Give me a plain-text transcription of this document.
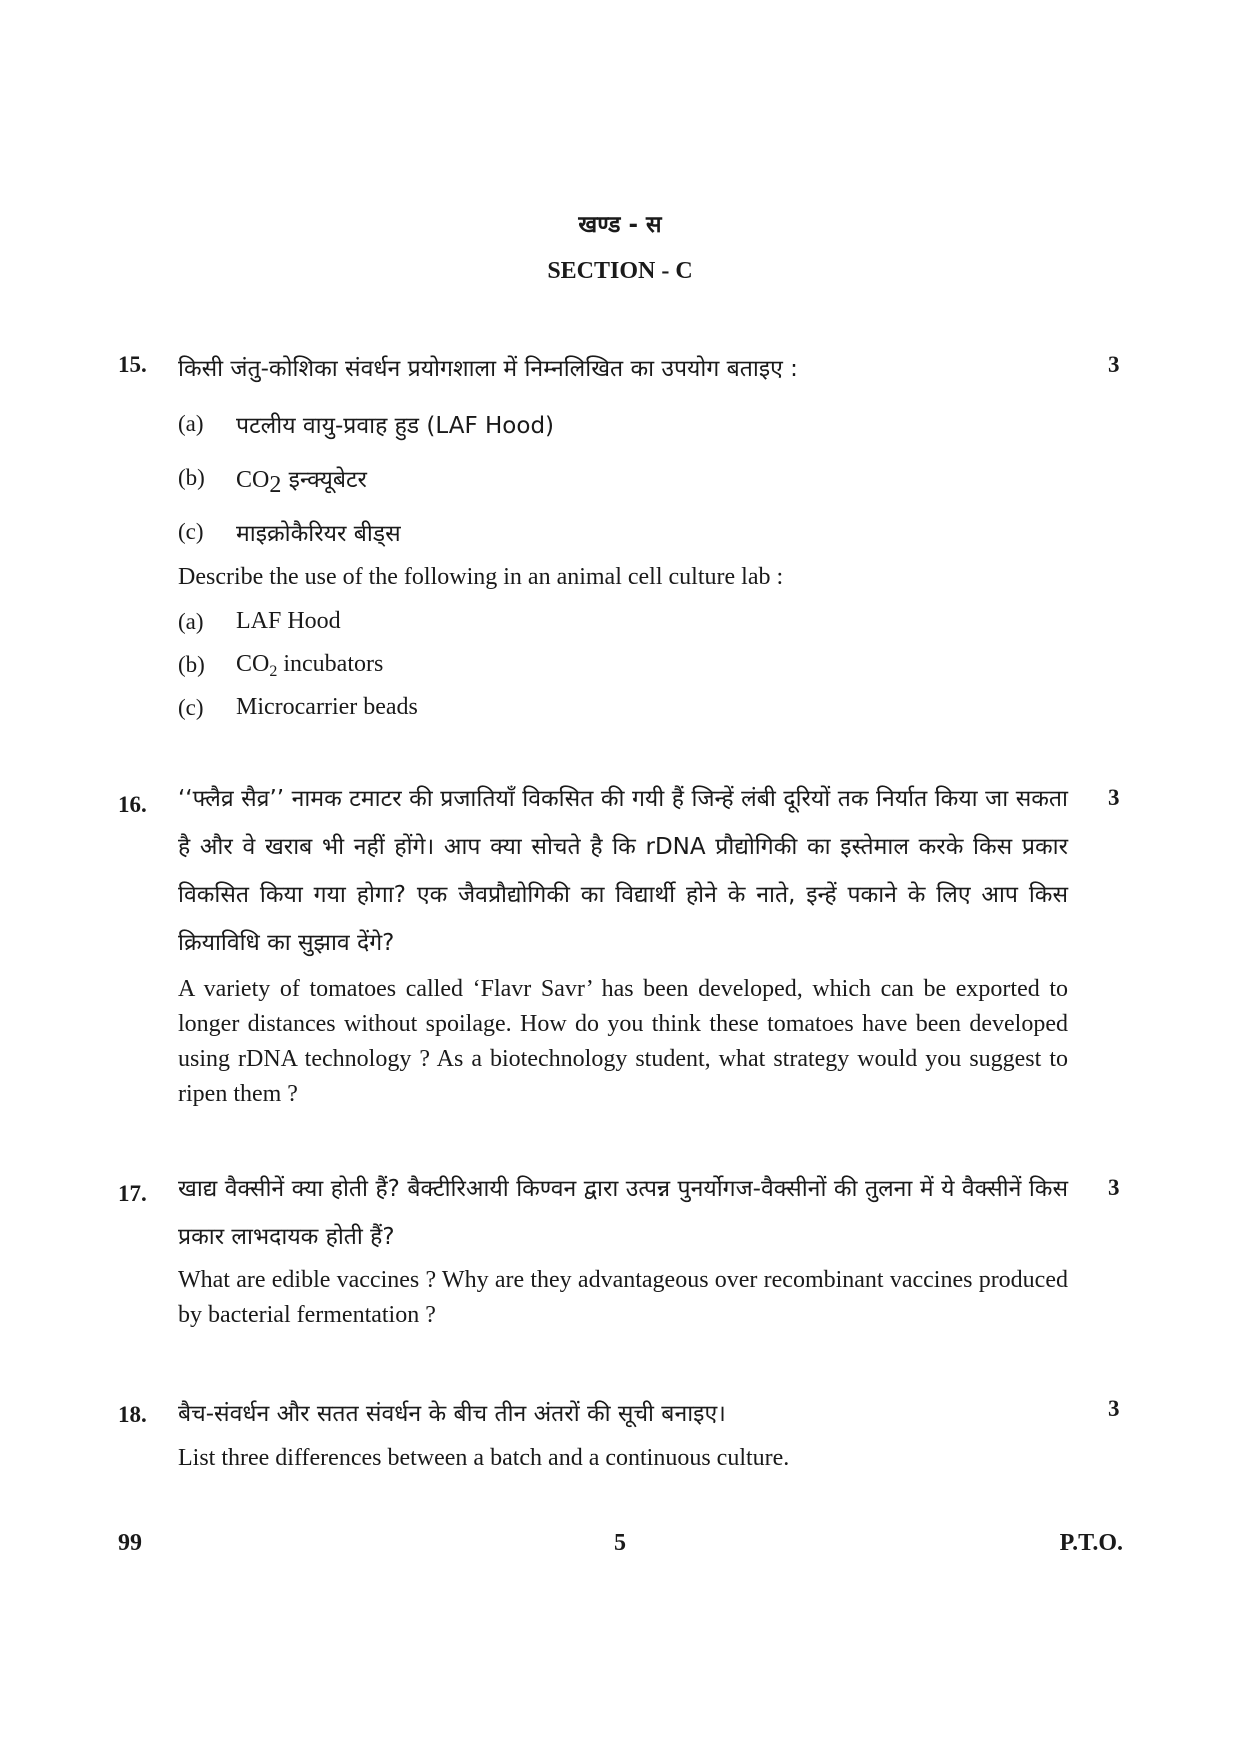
खण्ड - स
SECTION - C
15. किसी जंतु-कोशिका संवर्धन प्रयोगशाला में निम्नलिखित का उपयोग बताइए :	3
(a) पटलीय वायु-प्रवाह हुड (LAF Hood)
(b) $CO_2$ इन्क्यूबेटर
(c) माइक्रोकैरियर बीड्स
Describe the use of the following in an animal cell culture lab :
(a) LAF Hood
(b) $CO_2$ incubators
(c) Microcarrier beads
16.	3
‘‘फ्लैव्र सैव्र’’ नामक टमाटर की प्रजातियाँ विकसित की गयी हैं जिन्हें लंबी दूरियों तक निर्यात किया जा सकता है और वे खराब भी नहीं होंगे। आप क्या सोचते है कि rDNA प्रौद्योगिकी का इस्तेमाल करके किस प्रकार विकसित किया गया होगा? एक जैवप्रौद्योगिकी का विद्यार्थी होने के नाते, इन्हें पकाने के लिए आप किस क्रियाविधि का सुझाव देंगे?
A variety of tomatoes called ‘Flavr Savr’ has been developed, which can be exported to longer distances without spoilage. How do you think these tomatoes have been developed using rDNA technology ? As a biotechnology student, what strategy would you suggest to ripen them ?
17.	3
खाद्य वैक्सीनें क्या होती हैं? बैक्टीरिआयी किण्वन द्वारा उत्पन्न पुनर्योगज-वैक्सीनों की तुलना में ये वैक्सीनें किस प्रकार लाभदायक होती हैं?
What are edible vaccines ? Why are they advantageous over recombinant vaccines produced by bacterial fermentation ?
18. बैच-संवर्धन और सतत संवर्धन के बीच तीन अंतरों की सूची बनाइए।	3
List three differences between a batch and a continuous culture.
99	5	P.T.O.
